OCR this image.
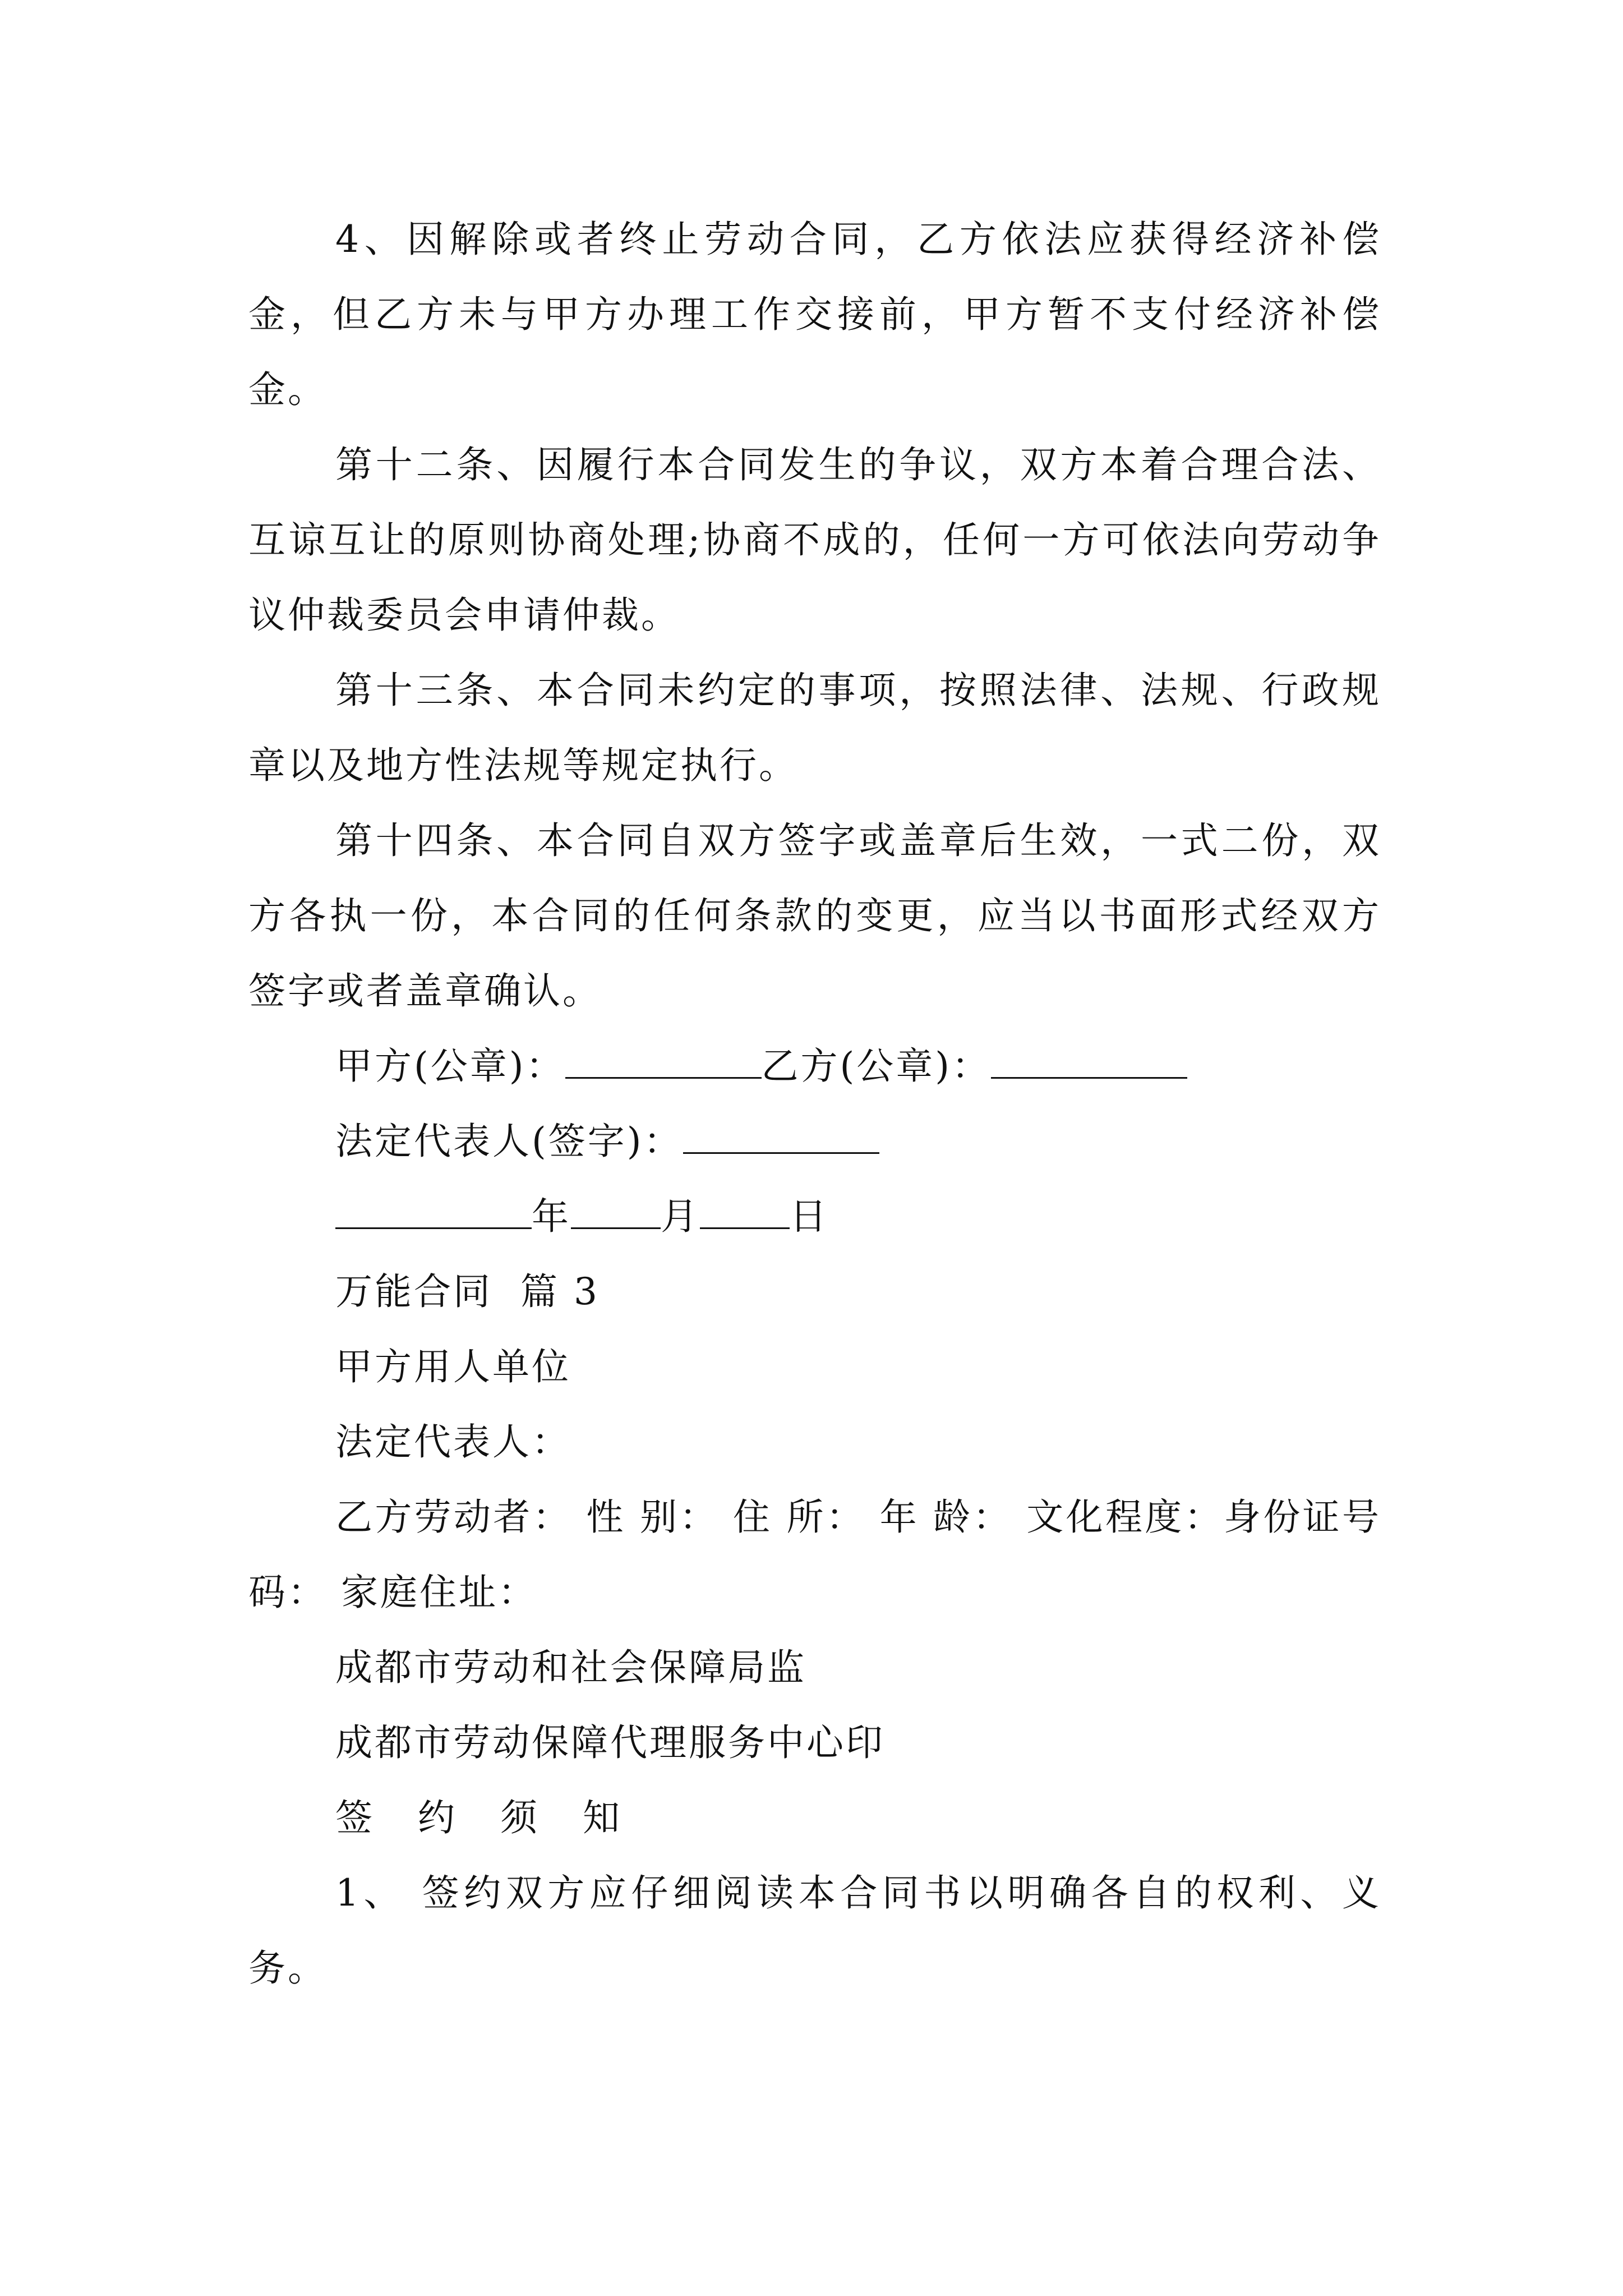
4、因解除或者终止劳动合同，乙方依法应获得经济补偿金，但乙方未与甲方办理工作交接前，甲方暂不支付经济补偿金。

第十二条、因履行本合同发生的争议，双方本着合理合法、互谅互让的原则协商处理;协商不成的，任何一方可依法向劳动争议仲裁委员会申请仲裁。

第十三条、本合同未约定的事项，按照法律、法规、行政规章以及地方性法规等规定执行。

第十四条、本合同自双方签字或盖章后生效，一式二份，双方各执一份，本合同的任何条款的变更，应当以书面形式经双方签字或者盖章确认。

甲方(公章)：	乙方(公章)：
法定代表人(签字)：
年 月 日
万能合同  篇 3
甲方用人单位
法定代表人：

乙方劳动者： 性 别： 住 所： 年 龄： 文化程度：身份证号码： 家庭住址：

成都市劳动和社会保障局监
成都市劳动保障代理服务中心印
签 约 须 知

1、 签约双方应仔细阅读本合同书以明确各自的权利、义务。
